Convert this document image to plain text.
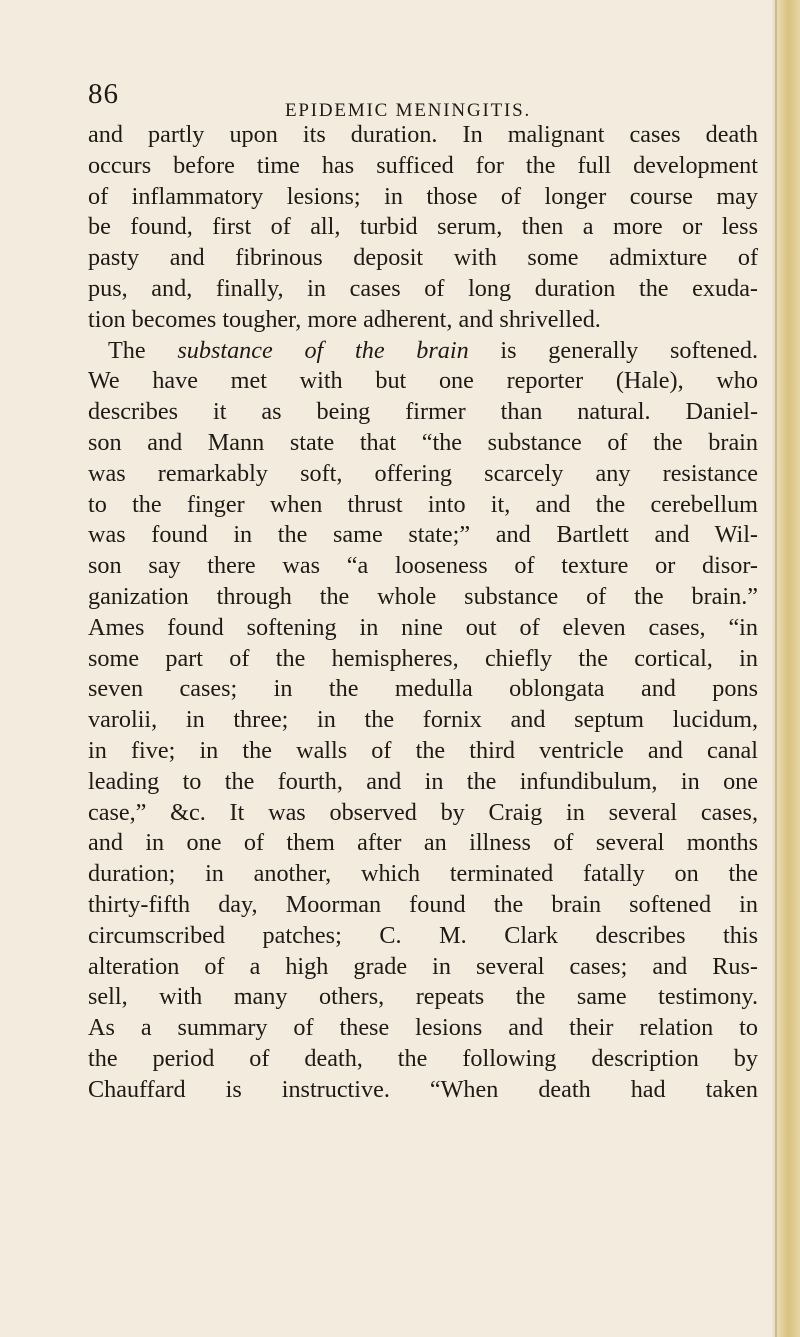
86
EPIDEMIC MENINGITIS.
and partly upon its duration. In malignant cases death
occurs before time has sufficed for the full development
of inflammatory lesions; in those of longer course may
be found, first of all, turbid serum, then a more or less
pasty and fibrinous deposit with some admixture of
pus, and, finally, in cases of long duration the exuda-
tion becomes tougher, more adherent, and shrivelled.
The substance of the brain is generally softened.
We have met with but one reporter (Hale), who
describes it as being firmer than natural. Daniel-
son and Mann state that “the substance of the brain
was remarkably soft, offering scarcely any resistance
to the finger when thrust into it, and the cerebellum
was found in the same state;” and Bartlett and Wil-
son say there was “a looseness of texture or disor-
ganization through the whole substance of the brain.”
Ames found softening in nine out of eleven cases, “in
some part of the hemispheres, chiefly the cortical, in
seven cases; in the medulla oblongata and pons
varolii, in three; in the fornix and septum lucidum,
in five; in the walls of the third ventricle and canal
leading to the fourth, and in the infundibulum, in one
case,” &c. It was observed by Craig in several cases,
and in one of them after an illness of several months
duration; in another, which terminated fatally on the
thirty-fifth day, Moorman found the brain softened in
circumscribed patches; C. M. Clark describes this
alteration of a high grade in several cases; and Rus-
sell, with many others, repeats the same testimony.
As a summary of these lesions and their relation to
the period of death, the following description by
Chauffard is instructive. “When death had taken
